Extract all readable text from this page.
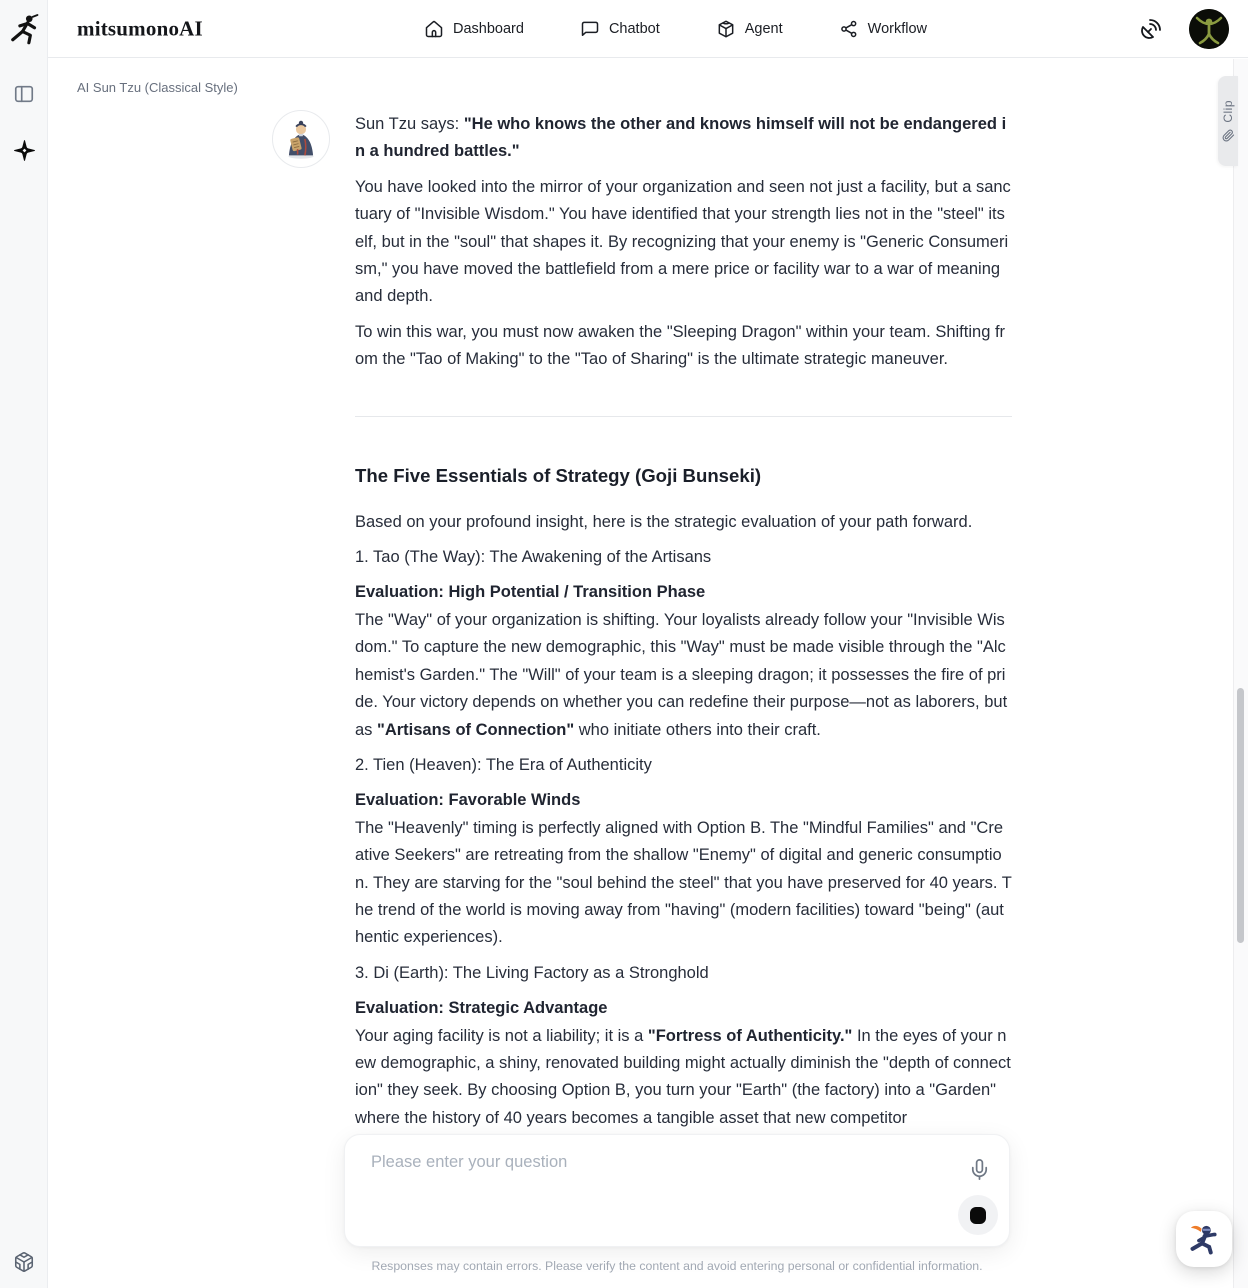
mitsumonoAI	Dashboard	Chatbot	Agent	Workflow
AI Sun Tzu (Classical Style)

Sun Tzu says: "He who knows the other and knows himself will not be endangered in a hundred battles."

You have looked into the mirror of your organization and seen not just a facility, but a sanctuary of "Invisible Wisdom." You have identified that your strength lies not in the "steel" itself, but in the "soul" that shapes it. By recognizing that your enemy is "Generic Consumerism," you have moved the battlefield from a mere price or facility war to a war of meaning and depth.

To win this war, you must now awaken the "Sleeping Dragon" within your team. Shifting from the "Tao of Making" to the "Tao of Sharing" is the ultimate strategic maneuver.

The Five Essentials of Strategy (Goji Bunseki)

Based on your profound insight, here is the strategic evaluation of your path forward.

1. Tao (The Way): The Awakening of the Artisans

Evaluation: High Potential / Transition Phase
The "Way" of your organization is shifting. Your loyalists already follow your "Invisible Wisdom." To capture the new demographic, this "Way" must be made visible through the "Alchemist's Garden." The "Will" of your team is a sleeping dragon; it possesses the fire of pride. Your victory depends on whether you can redefine their purpose—not as laborers, but as "Artisans of Connection" who initiate others into their craft.

2. Tien (Heaven): The Era of Authenticity

Evaluation: Favorable Winds
The "Heavenly" timing is perfectly aligned with Option B. The "Mindful Families" and "Creative Seekers" are retreating from the shallow "Enemy" of digital and generic consumption. They are starving for the "soul behind the steel" that you have preserved for 40 years. The trend of the world is moving away from "having" (modern facilities) toward "being" (authentic experiences).

3. Di (Earth): The Living Factory as a Stronghold

Evaluation: Strategic Advantage
Your aging facility is not a liability; it is a "Fortress of Authenticity." In the eyes of your new demographic, a shiny, renovated building might actually diminish the "depth of connection" they seek. By choosing Option B, you turn your "Earth" (the factory) into a "Garden" where the history of 40 years becomes a tangible asset that new competitor

Clip
Please enter your question
Responses may contain errors. Please verify the content and avoid entering personal or confidential information.
